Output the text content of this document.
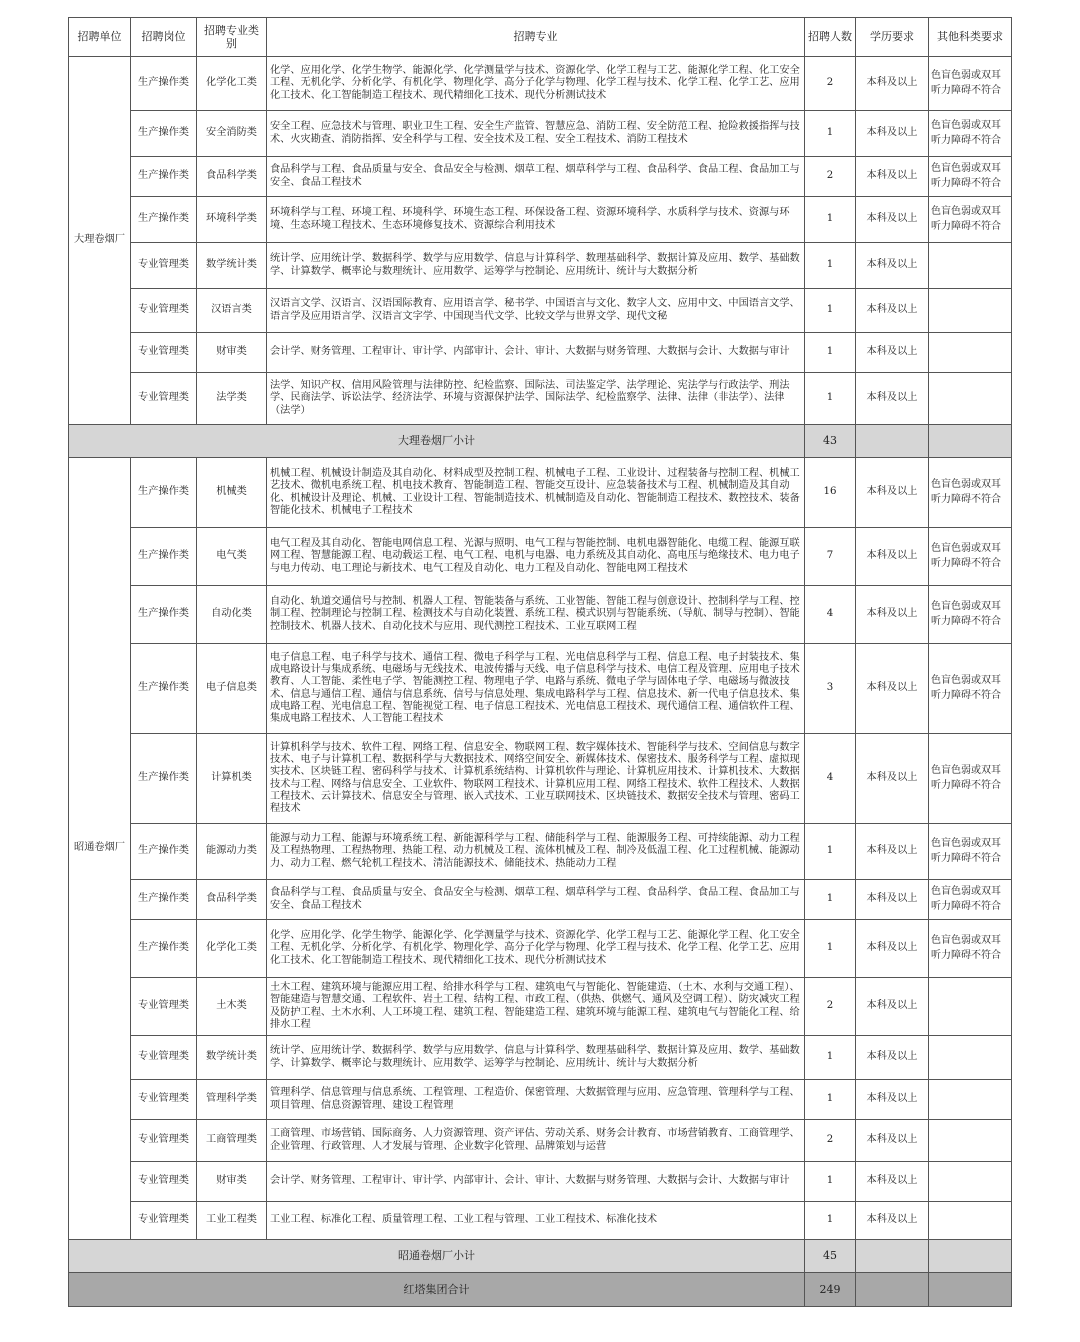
招聘单位	招聘岗位	招聘专业类别	招聘专业	招聘人数	学历要求	其他科类要求
大理卷烟厂	生产操作类	化学化工类	化学、应用化学、化学生物学、能源化学、化学测量学与技术、资源化学、化学工程与工艺、能源化学工程、化工安全工程、无机化学、分析化学、有机化学、物理化学、高分子化学与物理、化学工程与技术、化学工程、化学工艺、应用化工技术、化工智能制造工程技术、现代精细化工技术、现代分析测试技术	2	本科及以上	色盲色弱或双耳听力障碍不符合
	生产操作类	安全消防类	安全工程、应急技术与管理、职业卫生工程、安全生产监管、智慧应急、消防工程、安全防范工程、抢险救援指挥与技术、火灾勘查、消防指挥、安全科学与工程、安全技术及工程、安全工程技术、消防工程技术	1	本科及以上	色盲色弱或双耳听力障碍不符合
	生产操作类	食品科学类	食品科学与工程、食品质量与安全、食品安全与检测、烟草工程、烟草科学与工程、食品科学、食品工程、食品加工与安全、食品工程技术	2	本科及以上	色盲色弱或双耳听力障碍不符合
	生产操作类	环境科学类	环境科学与工程、环境工程、环境科学、环境生态工程、环保设备工程、资源环境科学、水质科学与技术、资源与环境、生态环境工程技术、生态环境修复技术、资源综合利用技术	1	本科及以上	色盲色弱或双耳听力障碍不符合
	专业管理类	数学统计类	统计学、应用统计学、数据科学、数学与应用数学、信息与计算科学、数理基础科学、数据计算及应用、数学、基础数学、计算数学、概率论与数理统计、应用数学、运筹学与控制论、应用统计、统计与大数据分析	1	本科及以上	
	专业管理类	汉语言类	汉语言文学、汉语言、汉语国际教育、应用语言学、秘书学、中国语言与文化、数字人文、应用中文、中国语言文学、语言学及应用语言学、汉语言文字学、中国现当代文学、比较文学与世界文学、现代文秘	1	本科及以上	
	专业管理类	财审类	会计学、财务管理、工程审计、审计学、内部审计、会计、审计、大数据与财务管理、大数据与会计、大数据与审计	1	本科及以上	
	专业管理类	法学类	法学、知识产权、信用风险管理与法律防控、纪检监察、国际法、司法鉴定学、法学理论、宪法学与行政法学、刑法学、民商法学、诉讼法学、经济法学、环境与资源保护法学、国际法学、纪检监察学、法律、法律（非法学）、法律（法学）	1	本科及以上	
大理卷烟厂小计				43		
昭通卷烟厂	生产操作类	机械类	机械工程、机械设计制造及其自动化、材料成型及控制工程、机械电子工程、工业设计、过程装备与控制工程、机械工艺技术、微机电系统工程、机电技术教育、智能制造工程、智能交互设计、应急装备技术与工程、机械制造及其自动化、机械设计及理论、机械、工业设计工程、智能制造技术、机械制造及自动化、智能制造工程技术、数控技术、装备智能化技术、机械电子工程技术	16	本科及以上	色盲色弱或双耳听力障碍不符合
	生产操作类	电气类	电气工程及其自动化、智能电网信息工程、光源与照明、电气工程与智能控制、电机电器智能化、电缆工程、能源互联网工程、智慧能源工程、电动载运工程、电气工程、电机与电器、电力系统及其自动化、高电压与绝缘技术、电力电子与电力传动、电工理论与新技术、电气工程及自动化、电力工程及自动化、智能电网工程技术	7	本科及以上	色盲色弱或双耳听力障碍不符合
	生产操作类	自动化类	自动化、轨道交通信号与控制、机器人工程、智能装备与系统、工业智能、智能工程与创意设计、控制科学与工程、控制工程、控制理论与控制工程、检测技术与自动化装置、系统工程、模式识别与智能系统、（导航、制导与控制）、智能控制技术、机器人技术、自动化技术与应用、现代测控工程技术、工业互联网工程	4	本科及以上	色盲色弱或双耳听力障碍不符合
	生产操作类	电子信息类	电子信息工程、电子科学与技术、通信工程、微电子科学与工程、光电信息科学与工程、信息工程、电子封装技术、集成电路设计与集成系统、电磁场与无线技术、电波传播与天线、电子信息科学与技术、电信工程及管理、应用电子技术教育、人工智能、柔性电子学、智能测控工程、物理电子学、电路与系统、微电子学与固体电子学、电磁场与微波技术、信息与通信工程、通信与信息系统、信号与信息处理、集成电路科学与工程、信息技术、新一代电子信息技术、集成电路工程、光电信息工程、智能视觉工程、电子信息工程技术、光电信息工程技术、现代通信工程、通信软件工程、集成电路工程技术、人工智能工程技术	3	本科及以上	色盲色弱或双耳听力障碍不符合
	生产操作类	计算机类	计算机科学与技术、软件工程、网络工程、信息安全、物联网工程、数字媒体技术、智能科学与技术、空间信息与数字技术、电子与计算机工程、数据科学与大数据技术、网络空间安全、新媒体技术、保密技术、服务科学与工程、虚拟现实技术、区块链工程、密码科学与技术、计算机系统结构、计算机软件与理论、计算机应用技术、计算机技术、大数据技术与工程、网络与信息安全、工业软件、物联网工程技术、计算机应用工程、网络工程技术、软件工程技术、人数据工程技术、云计算技术、信息安全与管理、嵌入式技术、工业互联网技术、区块链技术、数据安全技术与管理、密码工程技术	4	本科及以上	色盲色弱或双耳听力障碍不符合
	生产操作类	能源动力类	能源与动力工程、能源与环境系统工程、新能源科学与工程、储能科学与工程、能源服务工程、可持续能源、动力工程及工程热物理、工程热物理、热能工程、动力机械及工程、流体机械及工程、制冷及低温工程、化工过程机械、能源动力、动力工程、燃气轮机工程技术、清洁能源技术、储能技术、热能动力工程	1	本科及以上	色盲色弱或双耳听力障碍不符合
	生产操作类	食品科学类	食品科学与工程、食品质量与安全、食品安全与检测、烟草工程、烟草科学与工程、食品科学、食品工程、食品加工与安全、食品工程技术	1	本科及以上	色盲色弱或双耳听力障碍不符合
	生产操作类	化学化工类	化学、应用化学、化学生物学、能源化学、化学测量学与技术、资源化学、化学工程与工艺、能源化学工程、化工安全工程、无机化学、分析化学、有机化学、物理化学、高分子化学与物理、化学工程与技术、化学工程、化学工艺、应用化工技术、化工智能制造工程技术、现代精细化工技术、现代分析测试技术	1	本科及以上	色盲色弱或双耳听力障碍不符合
	专业管理类	土木类	土木工程、建筑环境与能源应用工程、给排水科学与工程、建筑电气与智能化、智能建造、（土木、水利与交通工程）、智能建造与智慧交通、工程软件、岩土工程、结构工程、市政工程、（供热、供燃气、通风及空调工程）、防灾减灾工程及防护工程、土木水利、人工环境工程、建筑工程、智能建造工程、建筑环境与能源工程、建筑电气与智能化工程、给排水工程	2	本科及以上	
	专业管理类	数学统计类	统计学、应用统计学、数据科学、数学与应用数学、信息与计算科学、数理基础科学、数据计算及应用、数学、基础数学、计算数学、概率论与数理统计、应用数学、运筹学与控制论、应用统计、统计与大数据分析	1	本科及以上	
	专业管理类	管理科学类	管理科学、信息管理与信息系统、工程管理、工程造价、保密管理、大数据管理与应用、应急管理、管理科学与工程、项目管理、信息资源管理、建设工程管理	1	本科及以上	
	专业管理类	工商管理类	工商管理、市场营销、国际商务、人力资源管理、资产评估、劳动关系、财务会计教育、市场营销教育、工商管理学、企业管理、行政管理、人才发展与管理、企业数字化管理、品牌策划与运营	2	本科及以上	
	专业管理类	财审类	会计学、财务管理、工程审计、审计学、内部审计、会计、审计、大数据与财务管理、大数据与会计、大数据与审计	1	本科及以上	
	专业管理类	工业工程类	工业工程、标准化工程、质量管理工程、工业工程与管理、工业工程技术、标准化技术	1	本科及以上	
昭通卷烟厂小计				45		
红塔集团合计				249		
